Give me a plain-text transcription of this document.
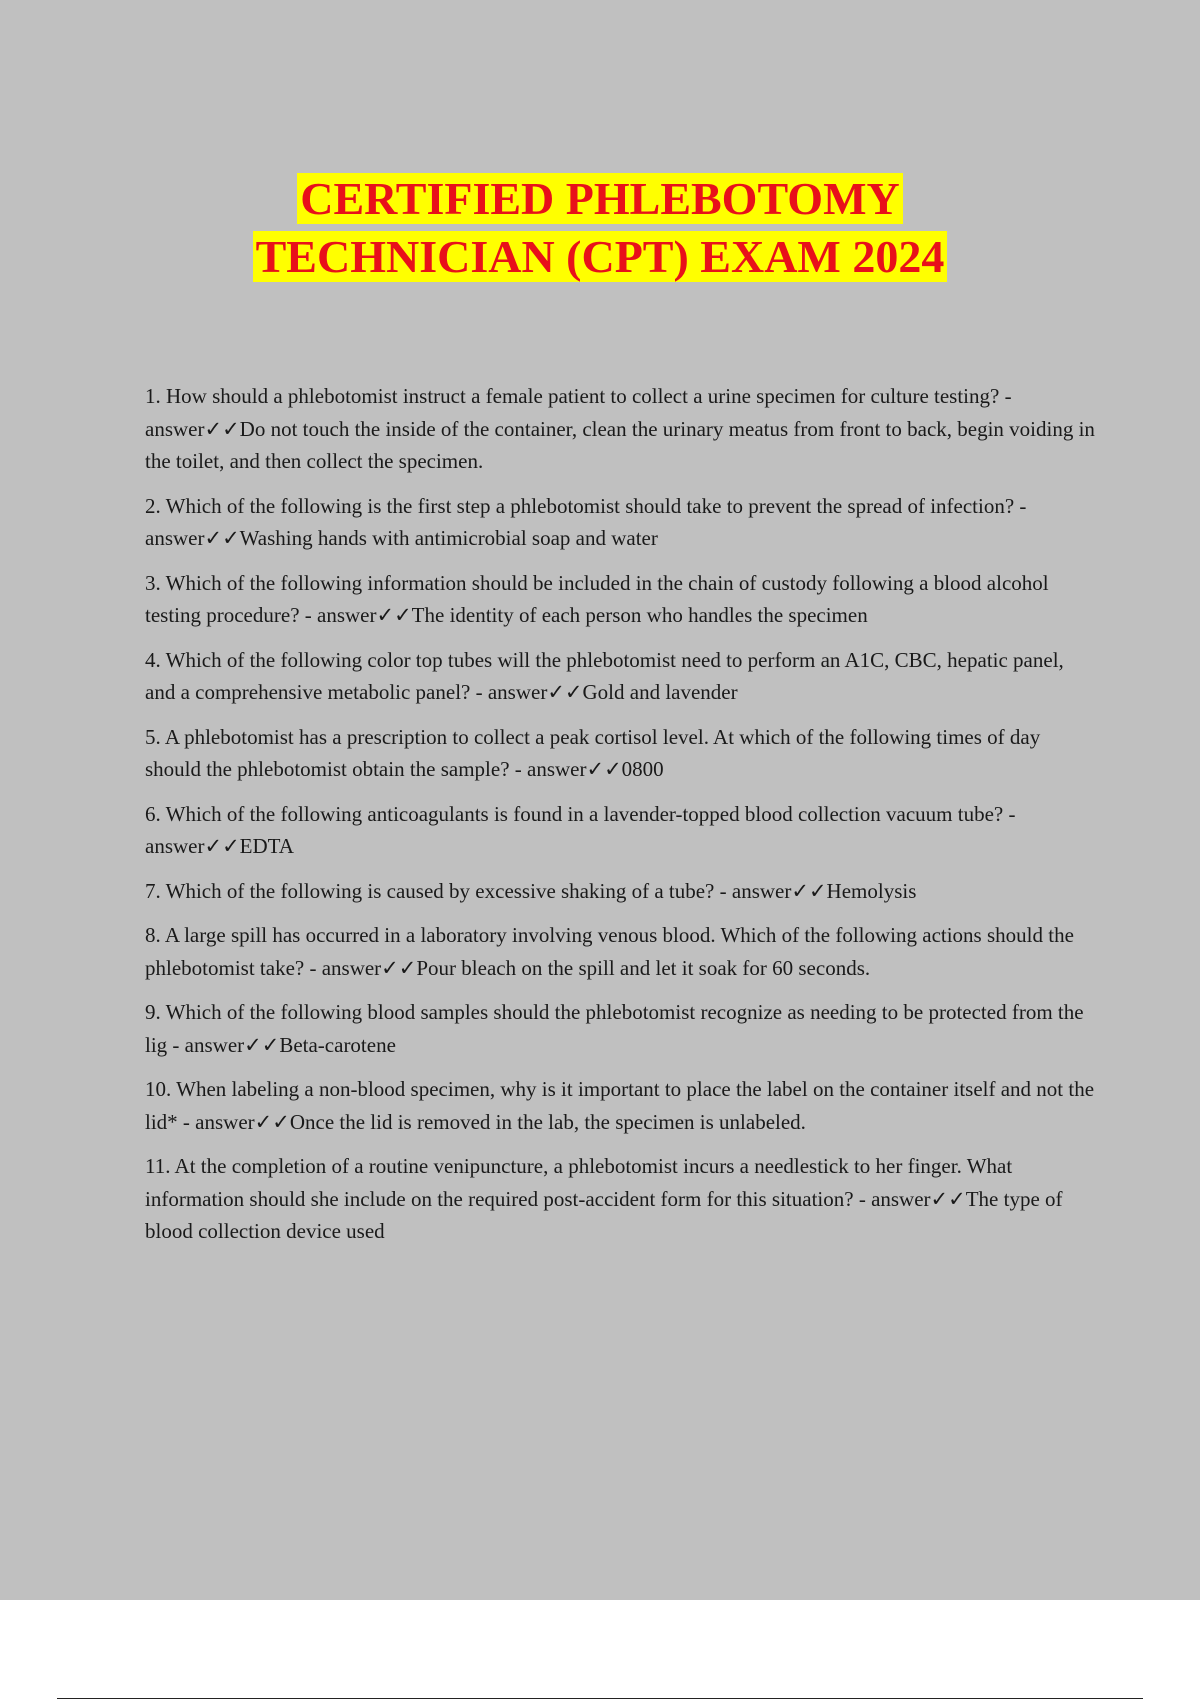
CERTIFIED PHLEBOTOMY
TECHNICIAN (CPT) EXAM 2024
1. How should a phlebotomist instruct a female patient to collect a urine specimen for culture testing? - answer✓✓Do not touch the inside of the container, clean the urinary meatus from front to back, begin voiding in the toilet, and then collect the specimen.
2. Which of the following is the first step a phlebotomist should take to prevent the spread of infection? - answer✓✓Washing hands with antimicrobial soap and water
3. Which of the following information should be included in the chain of custody following a blood alcohol testing procedure? - answer✓✓The identity of each person who handles the specimen
4. Which of the following color top tubes will the phlebotomist need to perform an A1C, CBC, hepatic panel, and a comprehensive metabolic panel? - answer✓✓Gold and lavender
5. A phlebotomist has a prescription to collect a peak cortisol level. At which of the following times of day should the phlebotomist obtain the sample? - answer✓✓0800
6. Which of the following anticoagulants is found in a lavender-topped blood collection vacuum tube? - answer✓✓EDTA
7. Which of the following is caused by excessive shaking of a tube? - answer✓✓Hemolysis
8. A large spill has occurred in a laboratory involving venous blood. Which of the following actions should the phlebotomist take? - answer✓✓Pour bleach on the spill and let it soak for 60 seconds.
9. Which of the following blood samples should the phlebotomist recognize as needing to be protected from the lig - answer✓✓Beta-carotene
10. When labeling a non-blood specimen, why is it important to place the label on the container itself and not the lid* - answer✓✓Once the lid is removed in the lab, the specimen is unlabeled.
11. At the completion of a routine venipuncture, a phlebotomist incurs a needlestick to her finger. What information should she include on the required post-accident form for this situation? - answer✓✓The type of blood collection device used
